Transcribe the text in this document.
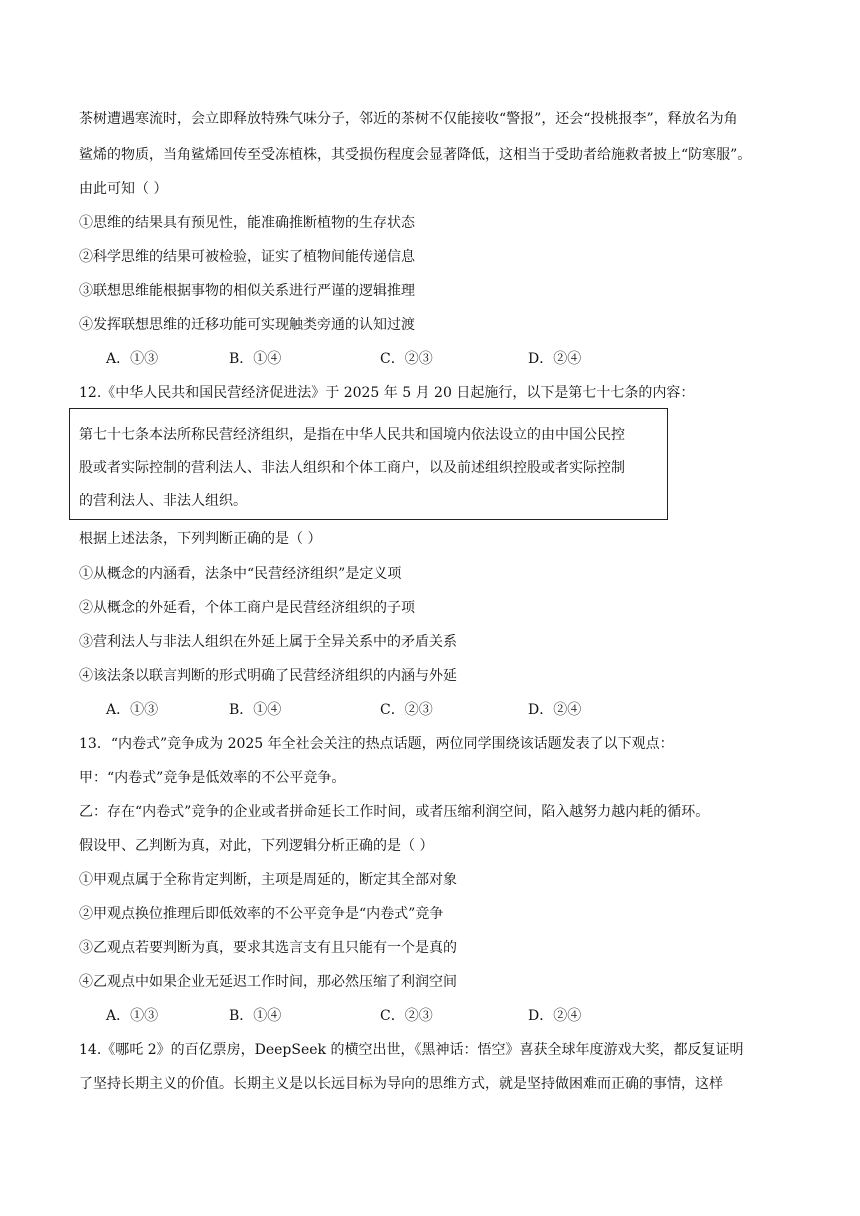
茶树遭遇寒流时，会立即释放特殊气味分子，邻近的茶树不仅能接收“警报”，还会“投桃报李”，释放名为角
鲨烯的物质，当角鲨烯回传至受冻植株，其受损伤程度会显著降低，这相当于受助者给施救者披上“防寒服”。
由此可知（ ）
①思维的结果具有预见性，能准确推断植物的生存状态
②科学思维的结果可被检验，证实了植物间能传递信息
③联想思维能根据事物的相似关系进行严谨的逻辑推理
④发挥联想思维的迁移功能可实现触类旁通的认知过渡
A．①③	B．①④	C．②③	D．②④
12.《中华人民共和国民营经济促进法》于 2025 年 5 月 20 日起施行，以下是第七十七条的内容：
第七十七条本法所称民营经济组织，是指在中华人民共和国境内依法设立的由中国公民控
股或者实际控制的营利法人、非法人组织和个体工商户，以及前述组织控股或者实际控制
的营利法人、非法人组织。
根据上述法条，下列判断正确的是（ ）
①从概念的内涵看，法条中“民营经济组织”是定义项
②从概念的外延看，个体工商户是民营经济组织的子项
③营利法人与非法人组织在外延上属于全异关系中的矛盾关系
④该法条以联言判断的形式明确了民营经济组织的内涵与外延
A．①③	B．①④	C．②③	D．②④
13．“内卷式”竞争成为 2025 年全社会关注的热点话题，两位同学围绕该话题发表了以下观点：
甲：“内卷式”竞争是低效率的不公平竞争。
乙：存在“内卷式”竞争的企业或者拼命延长工作时间，或者压缩利润空间，陷入越努力越内耗的循环。
假设甲、乙判断为真，对此，下列逻辑分析正确的是（ ）
①甲观点属于全称肯定判断，主项是周延的，断定其全部对象
②甲观点换位推理后即低效率的不公平竞争是“内卷式”竞争
③乙观点若要判断为真，要求其选言支有且只能有一个是真的
④乙观点中如果企业无延迟工作时间，那必然压缩了利润空间
A．①③	B．①④	C．②③	D．②④
14.《哪吒 2》的百亿票房，DeepSeek 的横空出世，《黑神话：悟空》喜获全球年度游戏大奖，都反复证明
了坚持长期主义的价值。长期主义是以长远目标为导向的思维方式，就是坚持做困难而正确的事情，这样
